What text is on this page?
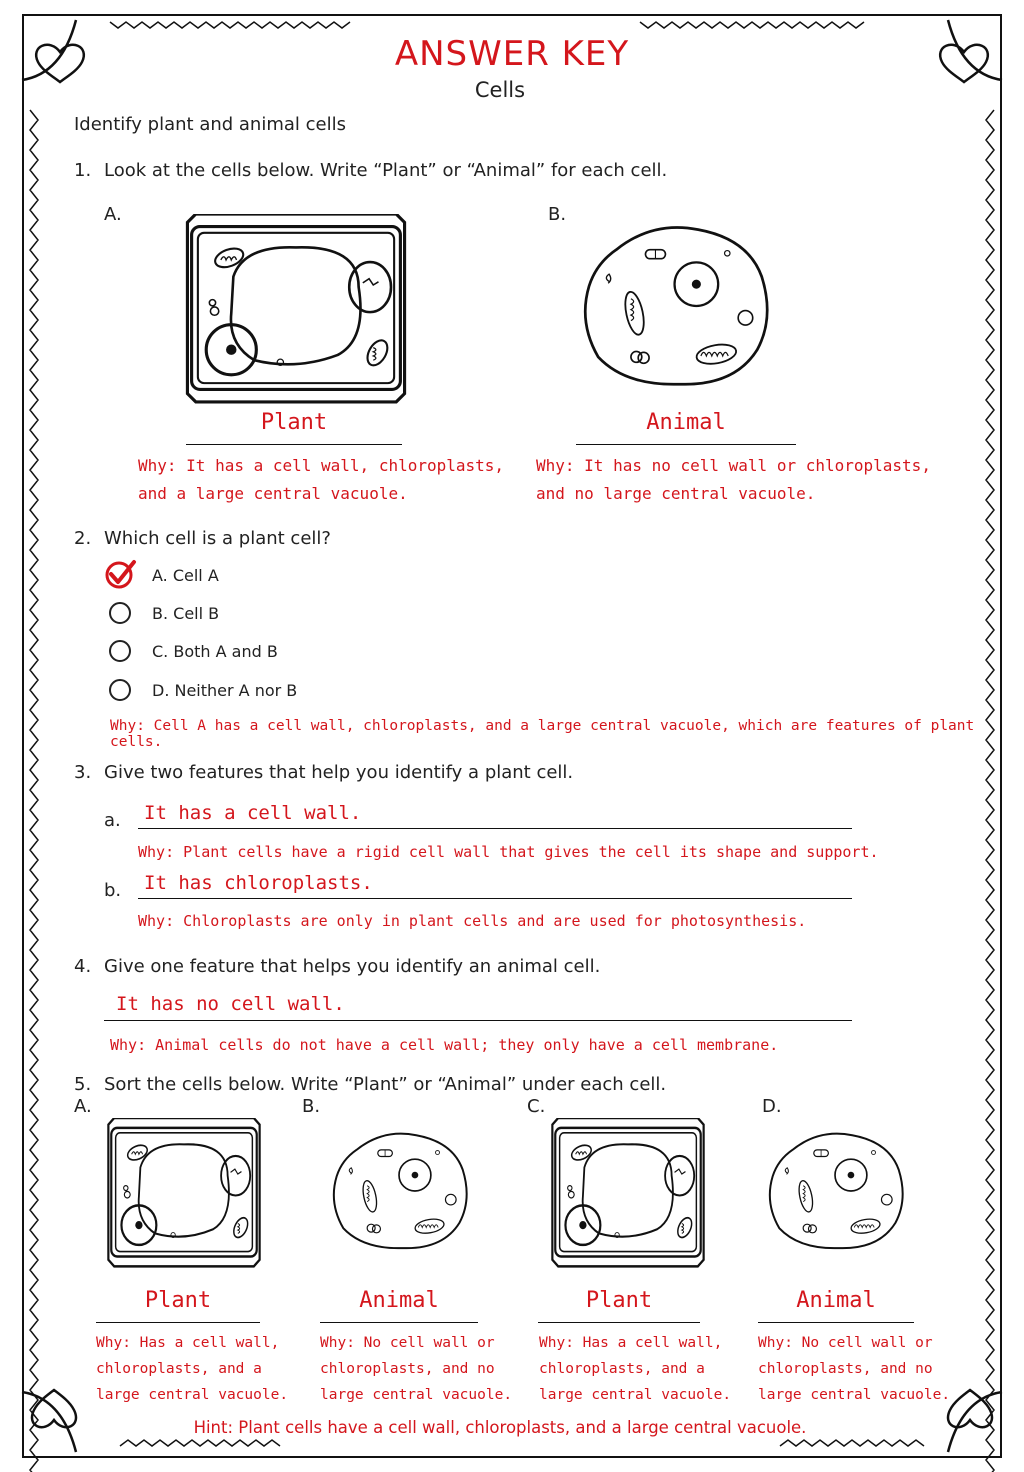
ANSWER KEY
Cells
Identify plant and animal cells
1. Look at the cells below. Write “Plant” or “Animal” for each cell.
A.	B.
Plant	Animal
Why: It has a cell wall, chloroplasts,
and a large central vacuole.
Why: It has no cell wall or chloroplasts,
and no large central vacuole.
2. Which cell is a plant cell?
A. Cell A
B. Cell B
C. Both A and B
D. Neither A nor B
Why: Cell A has a cell wall, chloroplasts, and a large central vacuole, which are features of plant cells.
3. Give two features that help you identify a plant cell.
a. It has a cell wall.
Why: Plant cells have a rigid cell wall that gives the cell its shape and support.
b. It has chloroplasts.
Why: Chloroplasts are only in plant cells and are used for photosynthesis.
4. Give one feature that helps you identify an animal cell.
It has no cell wall.
Why: Animal cells do not have a cell wall; they only have a cell membrane.
5. Sort the cells below. Write “Plant” or “Animal” under each cell.
A.	B.	C.	D.
Plant	Animal	Plant	Animal
Why: Has a cell wall,
chloroplasts, and a
large central vacuole.
Why: No cell wall or
chloroplasts, and no
large central vacuole.
Why: Has a cell wall,
chloroplasts, and a
large central vacuole.
Why: No cell wall or
chloroplasts, and no
large central vacuole.
Hint: Plant cells have a cell wall, chloroplasts, and a large central vacuole.
